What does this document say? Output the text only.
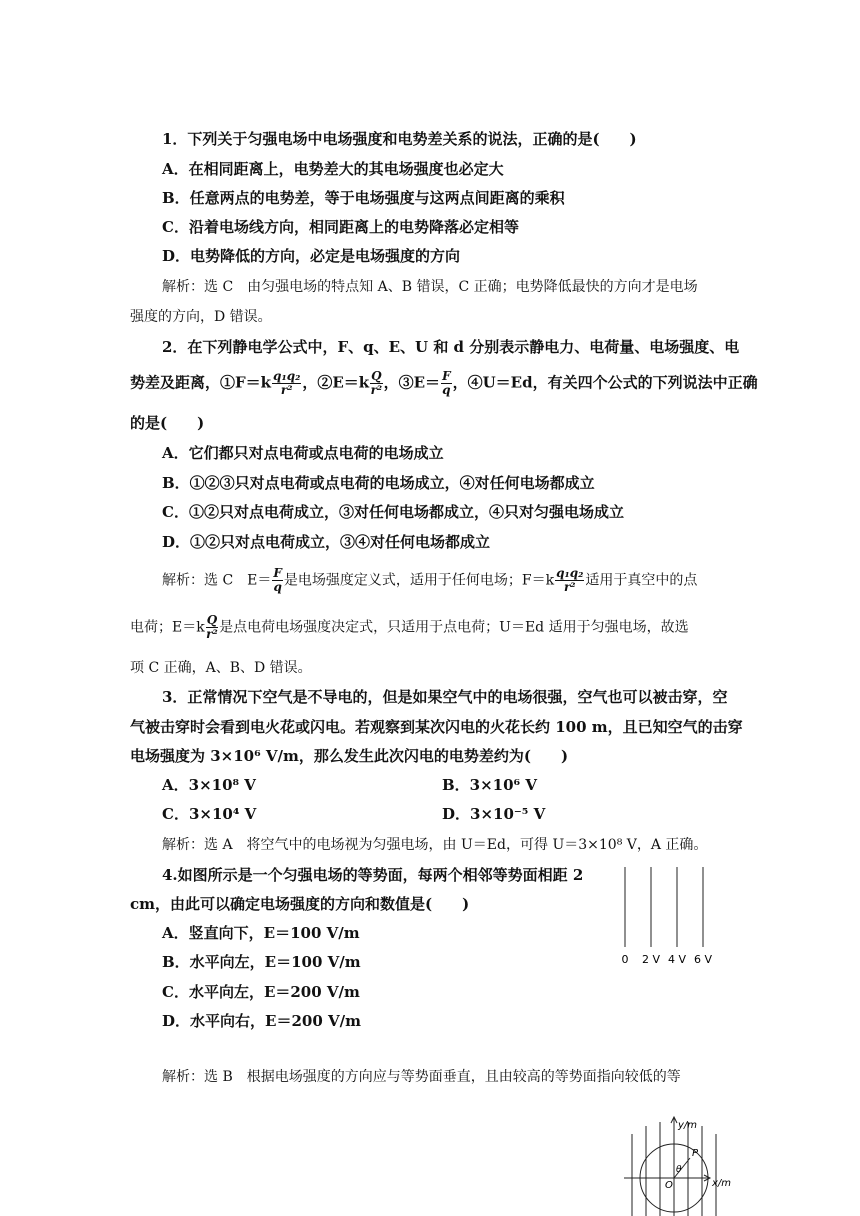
1．下列关于匀强电场中电场强度和电势差关系的说法，正确的是(　　)
A．在相同距离上，电势差大的其电场强度也必定大
B．任意两点的电势差，等于电场强度与这两点间距离的乘积
C．沿着电场线方向，相同距离上的电势降落必定相等
D．电势降低的方向，必定是电场强度的方向
解析：选 C　由匀强电场的特点知 A、B 错误，C 正确；电势降低最快的方向才是电场
强度的方向，D 错误。
2．在下列静电学公式中，F、q、E、U 和 d 分别表示静电力、电荷量、电场强度、电
势差及距离，①F＝k $\frac{\text{q₁q₂}}{\text{r²}}$ ，②E＝k $\frac{Q}{\text{r²}}$ ，③E＝ $\frac{F}{q}$ ，④U＝Ed，有关四个公式的下列说法中正确
的是(　　)
A．它们都只对点电荷或点电荷的电场成立
B．①②③只对点电荷或点电荷的电场成立，④对任何电场都成立
C．①②只对点电荷成立，③对任何电场都成立，④只对匀强电场成立
D．①②只对点电荷成立，③④对任何电场都成立
解析：选 C　$E= \frac{F}{q}$ 是电场强度定义式，适用于任何电场；$F=k \frac{\text{q₁q₂}}{\text{r²}}$ 适用于真空中的点
电荷；$E=k \frac{Q}{\text{r²}}$ 是点电荷电场强度决定式，只适用于点电荷；U＝Ed 适用于匀强电场，故选
项 C 正确，A、B、D 错误。
3．正常情况下空气是不导电的，但是如果空气中的电场很强，空气也可以被击穿，空
气被击穿时会看到电火花或闪电。若观察到某次闪电的火花长约 100 m，且已知空气的击穿
电场强度为 3×10⁶ V/m，那么发生此次闪电的电势差约为(　　)
A．3×10⁸ V	B．3×10⁶ V
C．3×10⁴ V	D．3×10⁻⁵ V
解析：选 A　将空气中的电场视为匀强电场，由 U＝Ed，可得 U＝3×10⁸ V，A 正确。
4.如图所示是一个匀强电场的等势面，每两个相邻等势面相距 2
cm，由此可以确定电场强度的方向和数值是(　　)
A．竖直向下，E＝100 V/m
B．水平向左，E＝100 V/m
C．水平向左，E＝200 V/m
D．水平向右，E＝200 V/m
0 2 V 4 V 6 V
解析：选 B　根据电场强度的方向应与等势面垂直，且由较高的等势面指向较低的等
y/m
x/m
O
P
θ
